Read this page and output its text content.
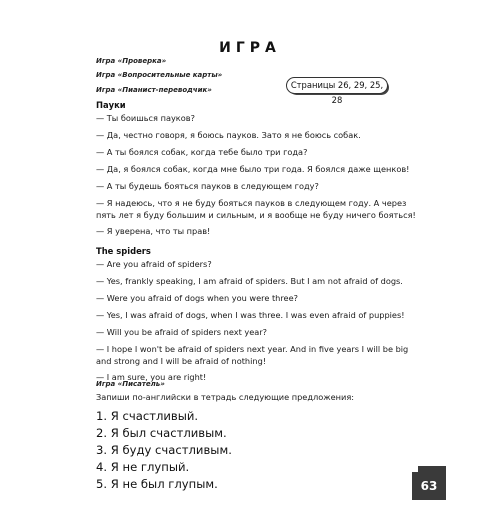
ИГРА
Игра «Проверка»
Игра «Вопросительные карты»
Игра «Пианист-переводчик»	Страницы 26, 29, 25, 28
Пауки
— Ты боишься пауков?
— Да, честно говоря, я боюсь пауков. Зато я не боюсь собак.
— А ты боялся собак, когда тебе было три года?
— Да, я боялся собак, когда мне было три года. Я боялся даже щенков!
— А ты будешь бояться пауков в следующем году?
— Я надеюсь, что я не буду бояться пауков в следующем году. А через пять лет я буду большим и сильным, и я вообще не буду ничего бояться!
— Я уверена, что ты прав!
The spiders
— Are you afraid of spiders?
— Yes, frankly speaking, I am afraid of spiders. But I am not afraid of dogs.
— Were you afraid of dogs when you were three?
— Yes, I was afraid of dogs, when I was three. I was even afraid of puppies!
— Will you be afraid of spiders next year?
— I hope I won't be afraid of spiders next year. And in five years I will be big and strong and I will be afraid of nothing!
— I am sure, you are right!
Игра «Писатель»
Запиши по-английски в тетрадь следующие предложения:
1. Я счастливый.
2. Я был счастливым.
3. Я буду счастливым.
4. Я не глупый.
5. Я не был глупым.	63
